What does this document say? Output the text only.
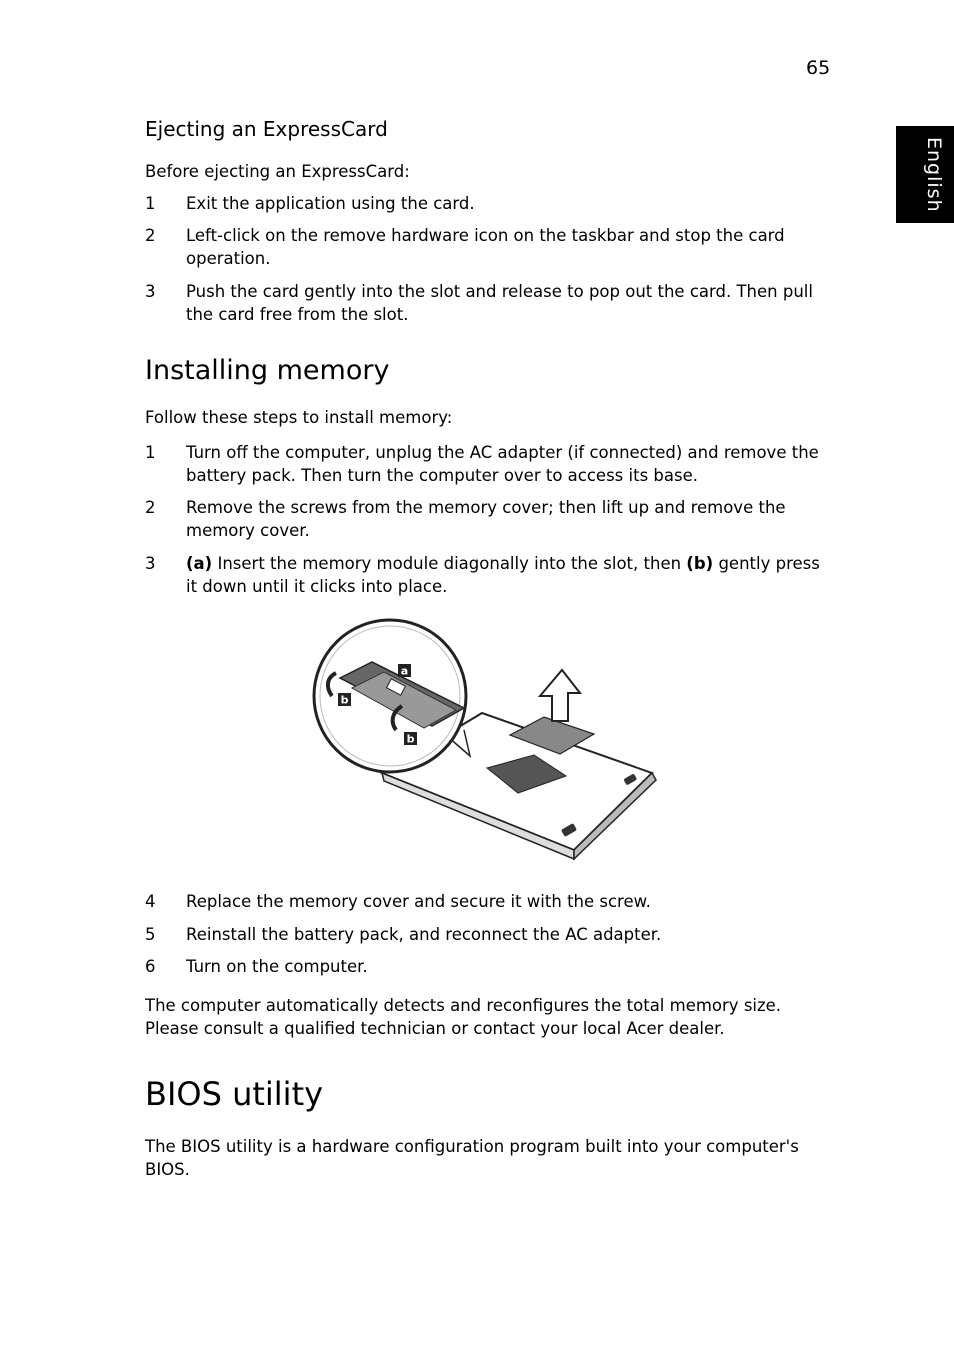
65
English
Ejecting an ExpressCard

Before ejecting an ExpressCard:

1	Exit the application using the card.
2	Left-click on the remove hardware icon on the taskbar and stop the card operation.
3	Push the card gently into the slot and release to pop out the card. Then pull the card free from the slot.
Installing memory

Follow these steps to install memory:

1	Turn off the computer, unplug the AC adapter (if connected) and remove the battery pack. Then turn the computer over to access its base.
2	Remove the screws from the memory cover; then lift up and remove the memory cover.
3	(a) Insert the memory module diagonally into the slot, then (b) gently press it down until it clicks into place.
a
b
b
4	Replace the memory cover and secure it with the screw.
5	Reinstall the battery pack, and reconnect the AC adapter.
6	Turn on the computer.

The computer automatically detects and reconfigures the total memory size. Please consult a qualified technician or contact your local Acer dealer.

BIOS utility

The BIOS utility is a hardware configuration program built into your computer's BIOS.
